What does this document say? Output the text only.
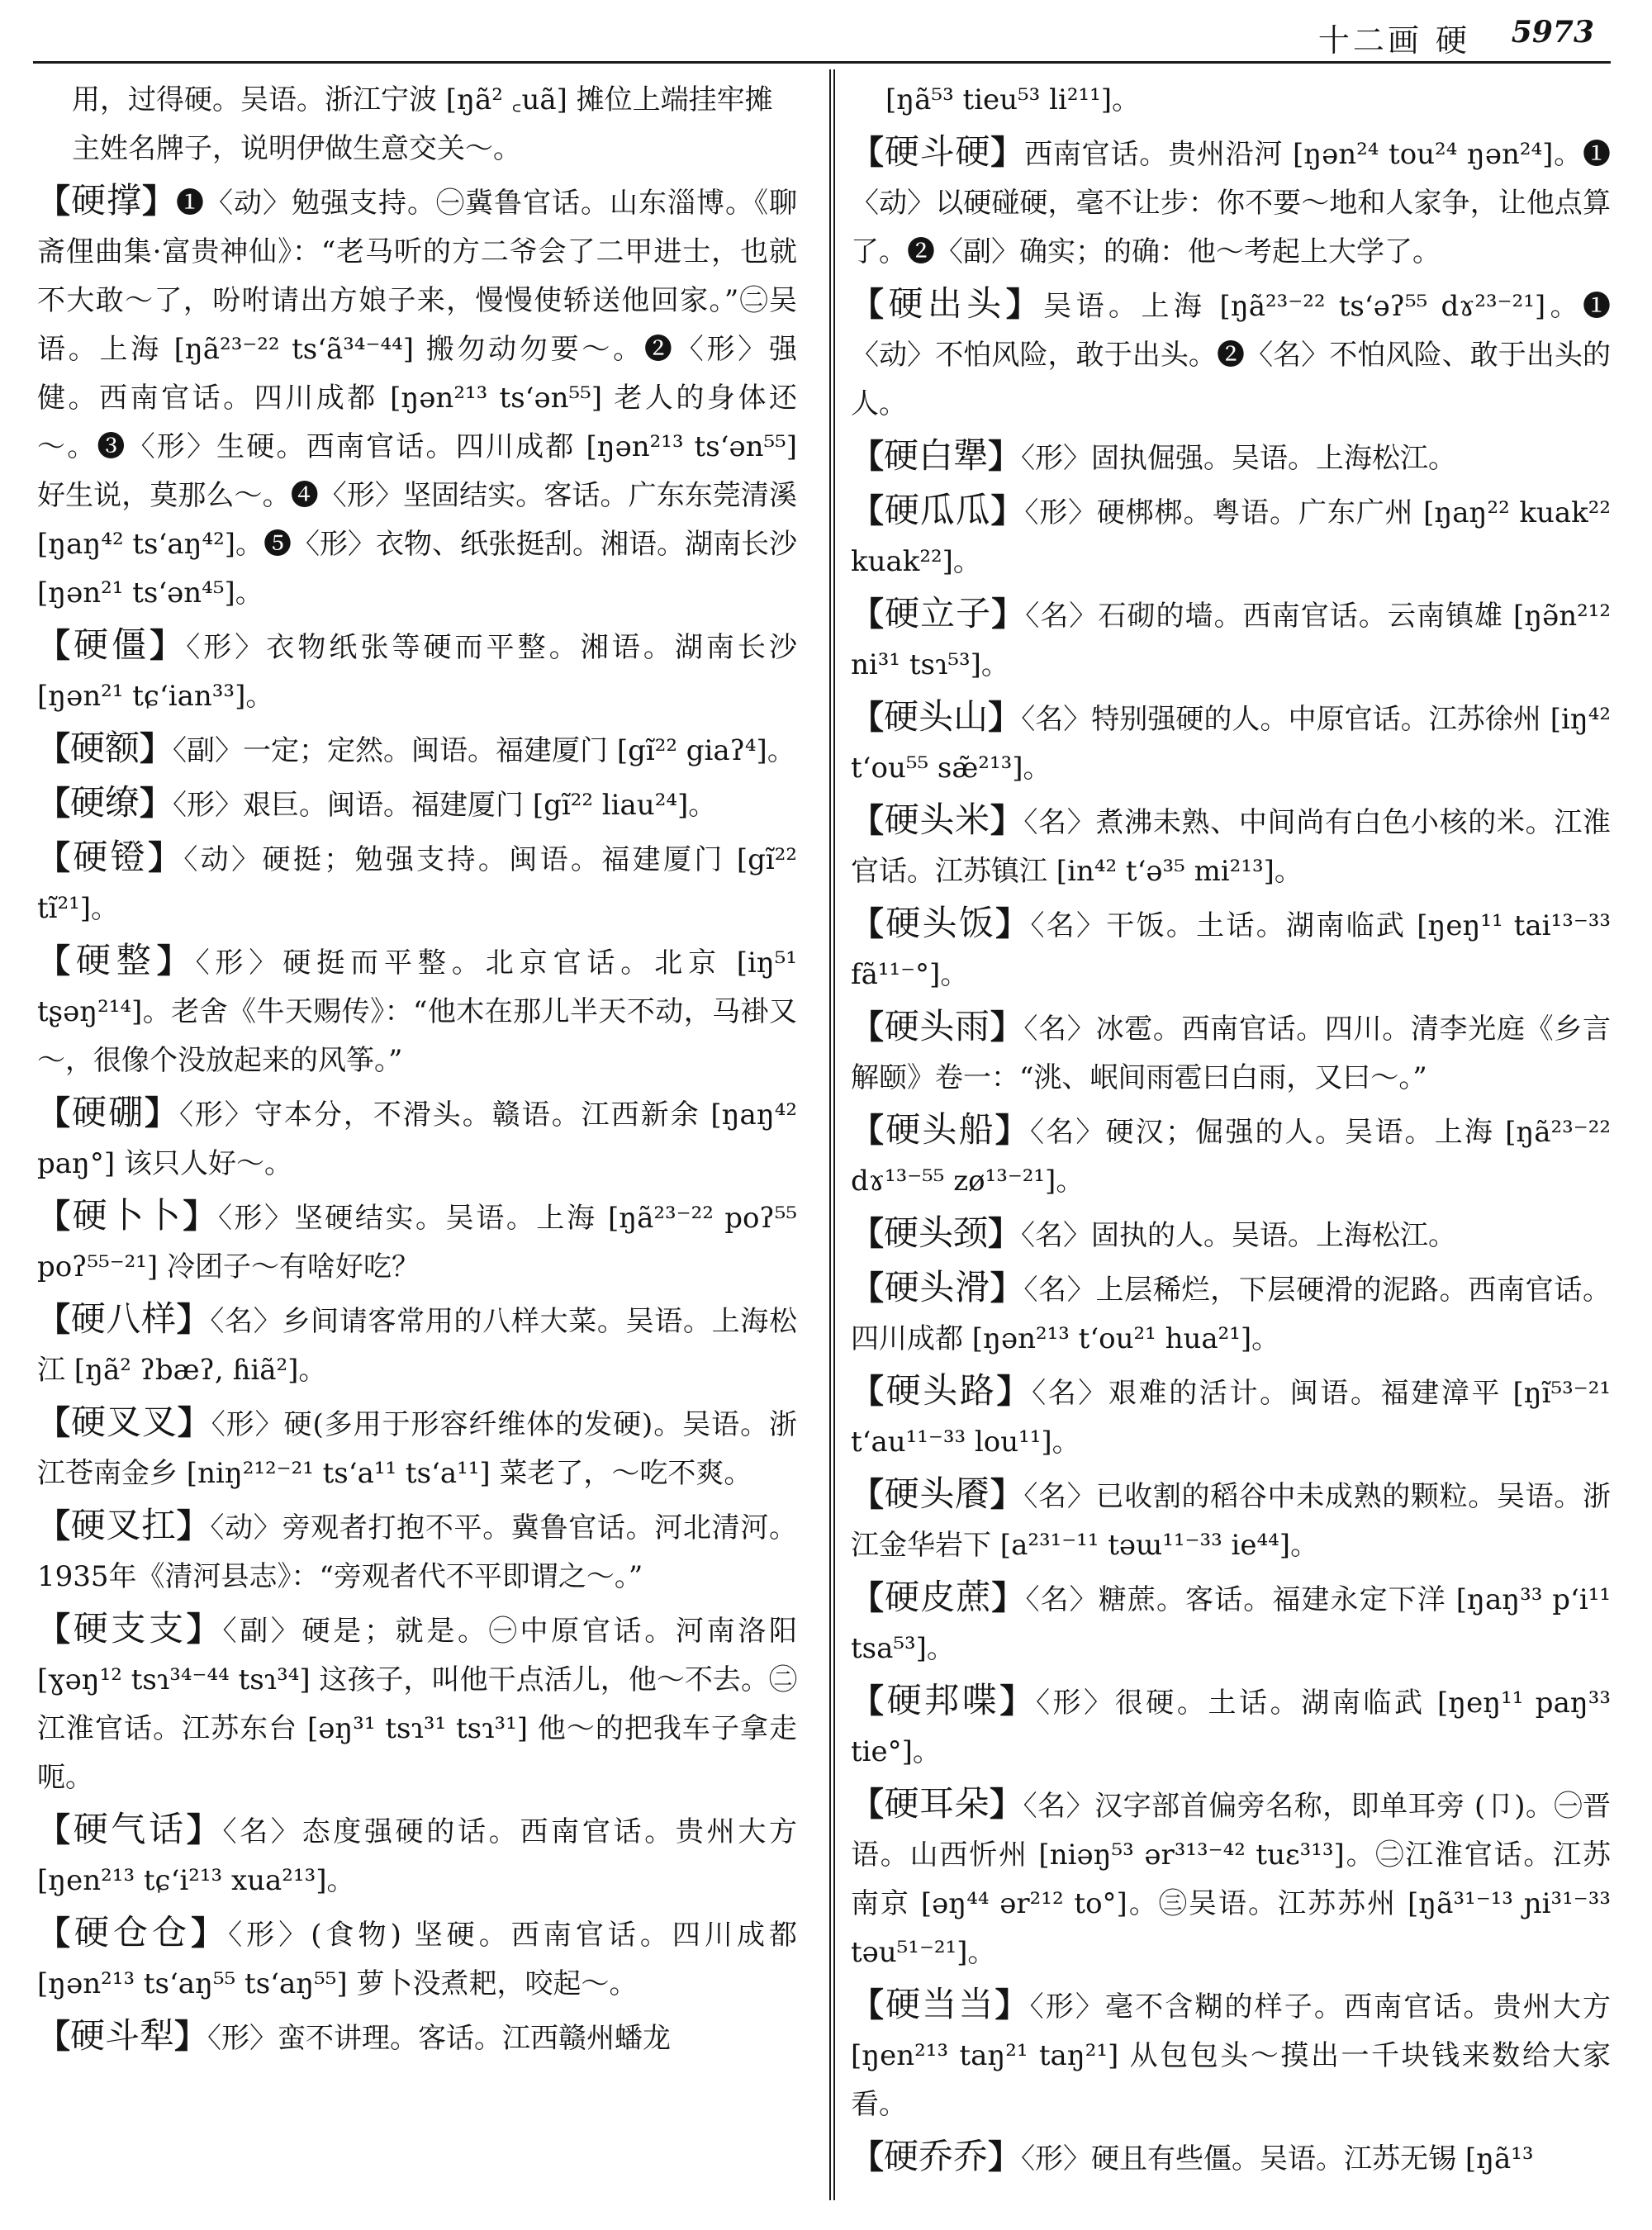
十二画 硬 5973
用，过得硬。吴语。浙江宁波 [ŋã² ꜀uã] 摊位上端挂牢摊主姓名牌子，说明伊做生意交关～。
【硬撑】❶〈动〉勉强支持。㊀冀鲁官话。山东淄博。《聊斋俚曲集·富贵神仙》：“老马听的方二爷会了二甲进士，也就不大敢～了，吩咐请出方娘子来，慢慢使轿送他回家。”㊁吴语。上海 [ŋã²³⁻²² tsʻã³⁴⁻⁴⁴] 搬勿动勿要～。❷〈形〉强健。西南官话。四川成都 [ŋən²¹³ tsʻən⁵⁵] 老人的身体还～。❸〈形〉生硬。西南官话。四川成都 [ŋən²¹³ tsʻən⁵⁵] 好生说，莫那么～。❹〈形〉坚固结实。客话。广东东莞清溪 [ŋaŋ⁴² tsʻaŋ⁴²]。❺〈形〉衣物、纸张挺刮。湘语。湖南长沙 [ŋən²¹ tsʻən⁴⁵]。
【硬僵】〈形〉衣物纸张等硬而平整。湘语。湖南长沙 [ŋən²¹ tɕʻian³³]。
【硬额】〈副〉一定；定然。闽语。福建厦门 [gĩ²² giaʔ⁴]。
【硬缭】〈形〉艰巨。闽语。福建厦门 [gĩ²² liau²⁴]。
【硬镫】〈动〉硬挺；勉强支持。闽语。福建厦门 [gĩ²² tĩ²¹]。
【硬整】〈形〉硬挺而平整。北京官话。北京 [iŋ⁵¹ tʂəŋ²¹⁴]。老舍《牛天赐传》：“他木在那儿半天不动，马褂又～，很像个没放起来的风筝。”
【硬硼】〈形〉守本分，不滑头。赣语。江西新余 [ŋaŋ⁴² paŋ°] 该只人好～。
【硬卜卜】〈形〉坚硬结实。吴语。上海 [ŋã²³⁻²² poʔ⁵⁵ poʔ⁵⁵⁻²¹] 冷团子～有啥好吃？
【硬八样】〈名〉乡间请客常用的八样大菜。吴语。上海松江 [ŋã² ʔbæʔ, ɦiã²]。
【硬叉叉】〈形〉硬(多用于形容纤维体的发硬)。吴语。浙江苍南金乡 [niŋ²¹²⁻²¹ tsʻa¹¹ tsʻa¹¹] 菜老了，～吃不爽。
【硬叉扛】〈动〉旁观者打抱不平。冀鲁官话。河北清河。1935年《清河县志》：“旁观者代不平即谓之～。”
【硬支支】〈副〉硬是；就是。㊀中原官话。河南洛阳 [ɣəŋ¹² tsɿ³⁴⁻⁴⁴ tsɿ³⁴] 这孩子，叫他干点活儿，他～不去。㊁江淮官话。江苏东台 [əŋ³¹ tsɿ³¹ tsɿ³¹] 他～的把我车子拿走呃。
【硬气话】〈名〉态度强硬的话。西南官话。贵州大方 [ŋen²¹³ tɕʻi²¹³ xua²¹³]。
【硬仓仓】〈形〉(食物) 坚硬。西南官话。四川成都 [ŋən²¹³ tsʻaŋ⁵⁵ tsʻaŋ⁵⁵] 萝卜没煮耙，咬起～。
【硬斗犁】〈形〉蛮不讲理。客话。江西赣州蟠龙
[ŋã⁵³ tieu⁵³ li²¹¹]。
【硬斗硬】西南官话。贵州沿河 [ŋən²⁴ tou²⁴ ŋən²⁴]。❶〈动〉以硬碰硬，毫不让步：你不要～地和人家争，让他点算了。❷〈副〉确实；的确：他～考起上大学了。
【硬出头】吴语。上海 [ŋã²³⁻²² tsʻəʔ⁵⁵ dɤ²³⁻²¹]。❶〈动〉不怕风险，敢于出头。❷〈名〉不怕风险、敢于出头的人。
【硬白犟】〈形〉固执倔强。吴语。上海松江。
【硬瓜瓜】〈形〉硬梆梆。粤语。广东广州 [ŋaŋ²² kuak²² kuak²²]。
【硬立子】〈名〉石砌的墙。西南官话。云南镇雄 [ŋə̃n²¹² ni³¹ tsɿ⁵³]。
【硬头山】〈名〉特别强硬的人。中原官话。江苏徐州 [iŋ⁴² tʻou⁵⁵ sæ̃²¹³]。
【硬头米】〈名〉煮沸未熟、中间尚有白色小核的米。江淮官话。江苏镇江 [in⁴² tʻə³⁵ mi²¹³]。
【硬头饭】〈名〉干饭。土话。湖南临武 [ŋeŋ¹¹ tai¹³⁻³³ fã¹¹⁻°]。
【硬头雨】〈名〉冰雹。西南官话。四川。清李光庭《乡言解颐》卷一：“洮、岷间雨雹曰白雨，又曰～。”
【硬头船】〈名〉硬汉；倔强的人。吴语。上海 [ŋã²³⁻²² dɤ¹³⁻⁵⁵ zø¹³⁻²¹]。
【硬头颈】〈名〉固执的人。吴语。上海松江。
【硬头滑】〈名〉上层稀烂，下层硬滑的泥路。西南官话。四川成都 [ŋən²¹³ tʻou²¹ hua²¹]。
【硬头路】〈名〉艰难的活计。闽语。福建漳平 [ŋĩ⁵³⁻²¹ tʻau¹¹⁻³³ lou¹¹]。
【硬头餍】〈名〉已收割的稻谷中未成熟的颗粒。吴语。浙江金华岩下 [a²³¹⁻¹¹ təɯ¹¹⁻³³ ie⁴⁴]。
【硬皮蔗】〈名〉糖蔗。客话。福建永定下洋 [ŋaŋ³³ pʻi¹¹ tsa⁵³]。
【硬邦喋】〈形〉很硬。土话。湖南临武 [ŋeŋ¹¹ paŋ³³ tie°]。
【硬耳朵】〈名〉汉字部首偏旁名称，即单耳旁 (卩)。㊀晋语。山西忻州 [niəŋ⁵³ ər³¹³⁻⁴² tuɛ³¹³]。㊁江淮官话。江苏南京 [əŋ⁴⁴ ər²¹² to°]。㊂吴语。江苏苏州 [ŋã³¹⁻¹³ ɲi³¹⁻³³ təu⁵¹⁻²¹]。
【硬当当】〈形〉毫不含糊的样子。西南官话。贵州大方 [ŋen²¹³ taŋ²¹ taŋ²¹] 从包包头～摸出一千块钱来数给大家看。
【硬乔乔】〈形〉硬且有些僵。吴语。江苏无锡 [ŋã¹³
